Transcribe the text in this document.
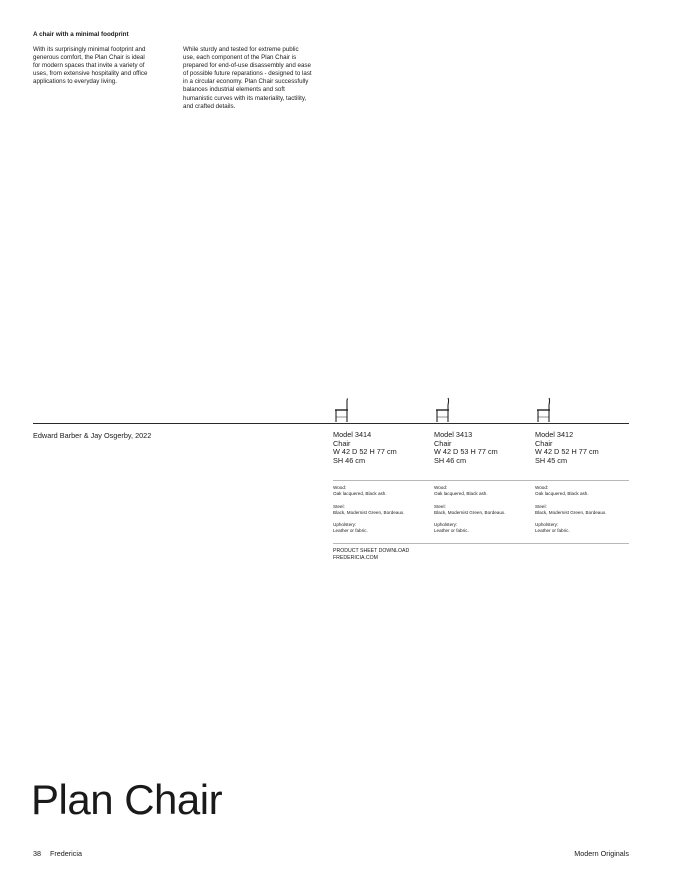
A chair with a minimal foodprint

With its surprisingly minimal footprint and

generous comfort, the Plan Chair is ideal

for modern spaces that invite a variety of

uses, from extensive hospitality and office

applications to everyday living.

While sturdy and tested for extreme public

use, each component of the Plan Chair is

prepared for end-of-use disassembly and ease

of possible future reparations - designed to last

in a circular economy. Plan Chair successfully

balances industrial elements and soft

humanistic curves with its materiality, tactility,

and crafted details.

Edward Barber & Jay Osgerby, 2022	Model 3414
Chair
W 42 D 52 H 77 cm
SH 46 cm
Model 3413
Chair
W 42 D 53 H 77 cm
SH 46 cm
Model 3412
Chair
W 42 D 52 H 77 cm
SH 45 cm
Wood:
Oak lacquered, Black ash.
Steel:
Black, Modernist Green, Bordeaux.
Upholstery:
Leather or fabric.
Wood:
Oak lacquered, Black ash.
Steel:
Black, Modernist Green, Bordeaux.
Upholstery:
Leather or fabric.
Wood:
Oak lacquered, Black ash.
Steel:
Black, Modernist Green, Bordeaux.
Upholstery:
Leather or fabric.
PRODUCT SHEET DOWNLOAD
FREDERICIA.COM
Plan Chair
38 Fredericia	Modern Originals
